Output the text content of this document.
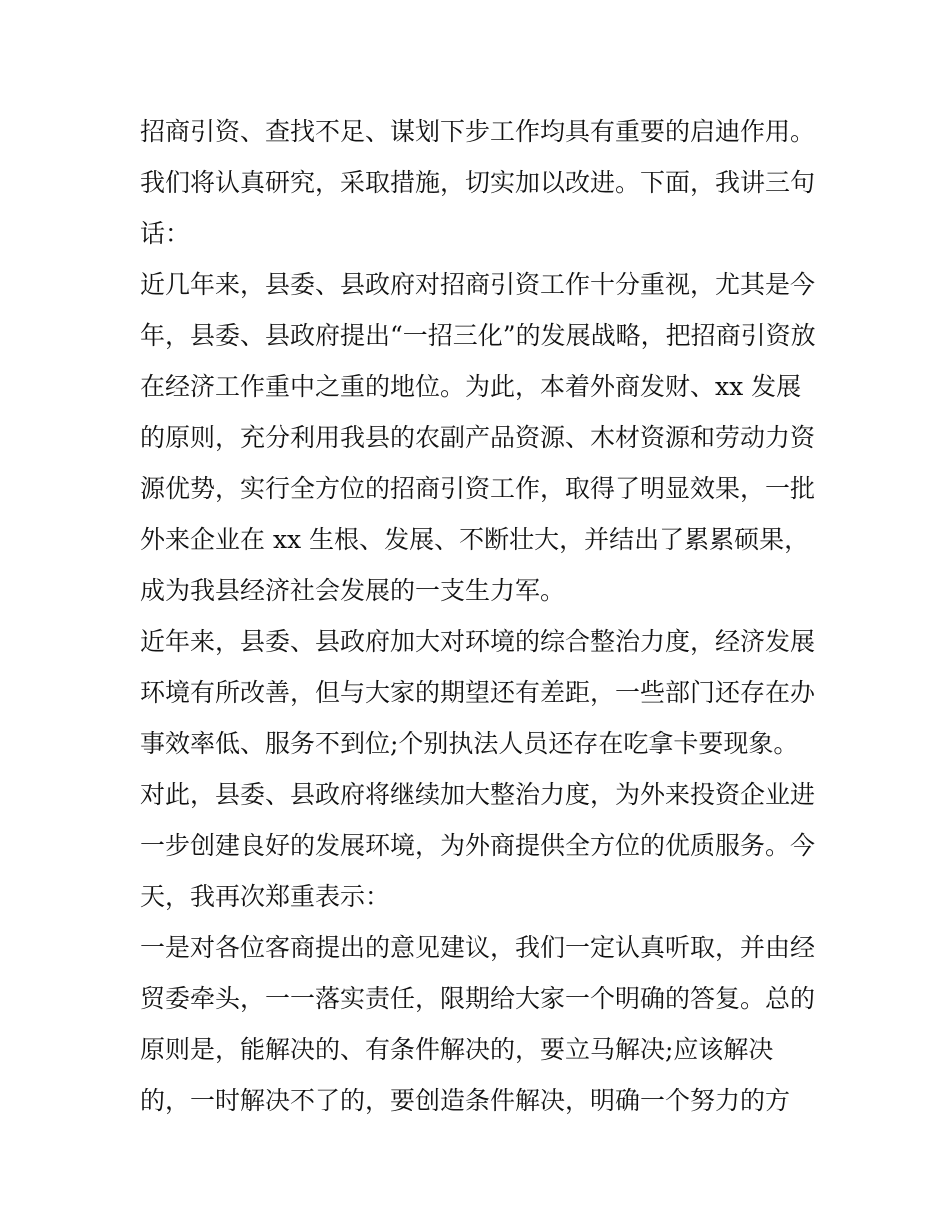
招商引资、查找不足、谋划下步工作均具有重要的启迪作用。
我们将认真研究，采取措施，切实加以改进。下面，我讲三句
话：
近几年来，县委、县政府对招商引资工作十分重视，尤其是今
年，县委、县政府提出“一招三化”的发展战略，把招商引资放
在经济工作重中之重的地位。为此，本着外商发财、xx 发展
的原则，充分利用我县的农副产品资源、木材资源和劳动力资
源优势，实行全方位的招商引资工作，取得了明显效果，一批
外来企业在 xx 生根、发展、不断壮大，并结出了累累硕果，
成为我县经济社会发展的一支生力军。
近年来，县委、县政府加大对环境的综合整治力度，经济发展
环境有所改善，但与大家的期望还有差距，一些部门还存在办
事效率低、服务不到位;个别执法人员还存在吃拿卡要现象。
对此，县委、县政府将继续加大整治力度，为外来投资企业进
一步创建良好的发展环境，为外商提供全方位的优质服务。今
天，我再次郑重表示：
一是对各位客商提出的意见建议，我们一定认真听取，并由经
贸委牵头，一一落实责任，限期给大家一个明确的答复。总的
原则是，能解决的、有条件解决的，要立马解决;应该解决
的，一时解决不了的，要创造条件解决，明确一个努力的方
